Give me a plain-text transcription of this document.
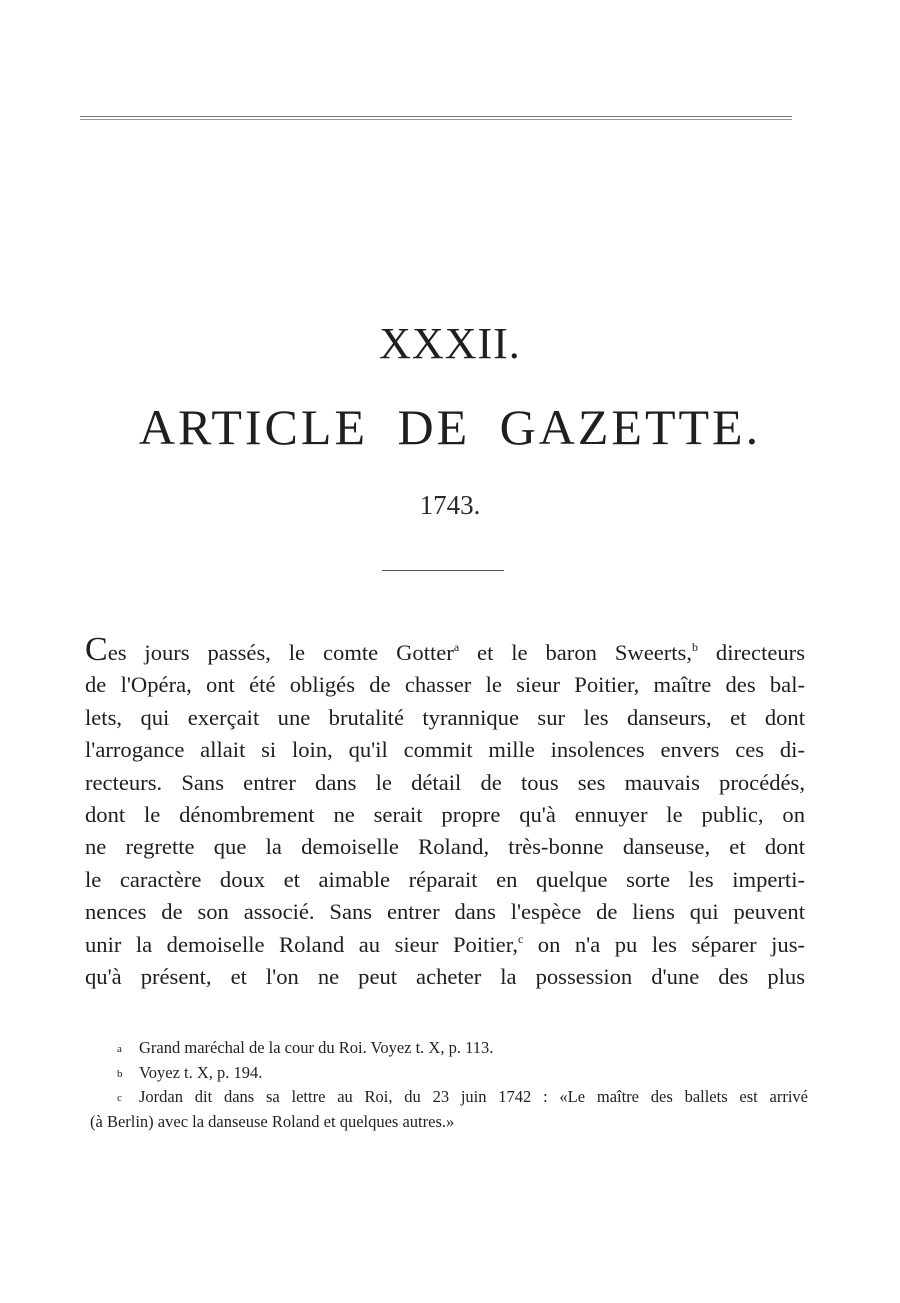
XXXII.
ARTICLE DE GAZETTE.
1743.
Ces jours passés, le comte Gotter$^a$ et le baron Sweerts,$^b$ directeurs
de l'Opéra, ont été obligés de chasser le sieur Poitier, maître des bal-
lets, qui exerçait une brutalité tyrannique sur les danseurs, et dont
l'arrogance allait si loin, qu'il commit mille insolences envers ces di-
recteurs. Sans entrer dans le détail de tous ses mauvais procédés,
dont le dénombrement ne serait propre qu'à ennuyer le public, on
ne regrette que la demoiselle Roland, très-bonne danseuse, et dont
le caractère doux et aimable réparait en quelque sorte les imperti-
nences de son associé. Sans entrer dans l'espèce de liens qui peuvent
unir la demoiselle Roland au sieur Poitier,$^c$ on n'a pu les séparer jus-
qu'à présent, et l'on ne peut acheter la possession d'une des plus
a Grand maréchal de la cour du Roi. Voyez t. X, p. 113.
b Voyez t. X, p. 194.
c Jordan dit dans sa lettre au Roi, du 23 juin 1742 : «Le maître des ballets est arrivé
(à Berlin) avec la danseuse Roland et quelques autres.»
